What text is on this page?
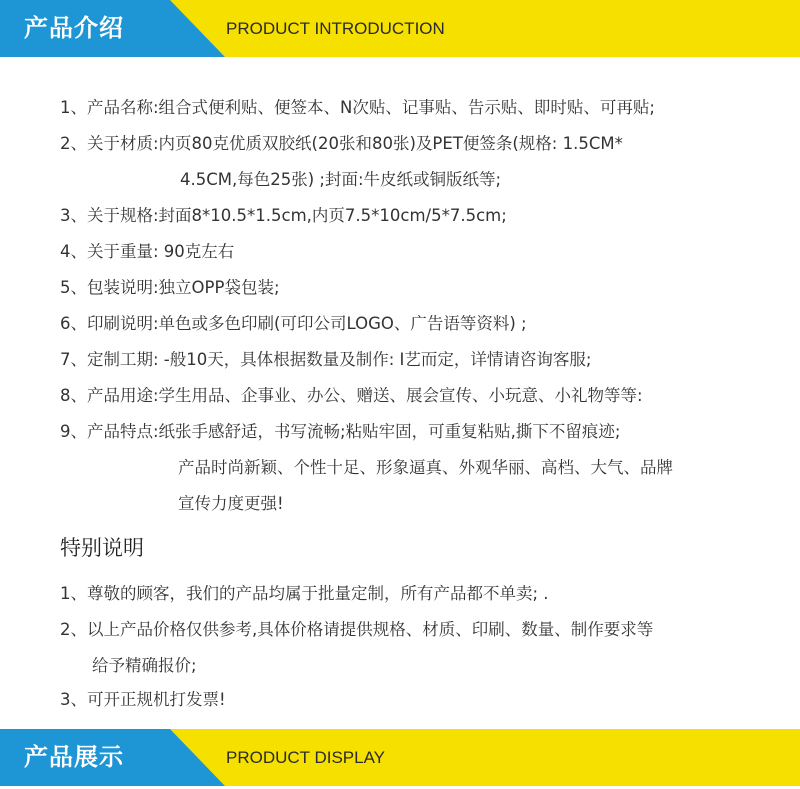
产品介绍	PRODUCT INTRODUCTION
1、产品名称:组合式便利贴、便签本、N次贴、记事贴、告示贴、即时贴、可再贴;
2、关于材质:内页80克优质双胶纸(20张和80张)及PET便签条(规格: 1.5CM*
4.5CM,每色25张) ;封面:牛皮纸或铜版纸等;
3、关于规格:封面8*10.5*1.5cm,内页7.5*10cm/5*7.5cm;
4、关于重量: 90克左右
5、包装说明:独立OPP袋包装;
6、印刷说明:单色或多色印刷(可印公司LOGO、广告语等资料) ;
7、定制工期: -般10天，具体根据数量及制作: I艺而定，详情请咨询客服;
8、产品用途:学生用品、企事业、办公、赠送、展会宣传、小玩意、小礼物等等:
9、产品特点:纸张手感舒适，书写流畅;粘贴牢固，可重复粘贴,撕下不留痕迹;
产品时尚新颖、个性十足、形象逼真、外观华丽、高档、大气、品牌
宣传力度更强!
特别说明
1、尊敬的顾客，我们的产品均属于批量定制，所有产品都不单卖; .
2、以上产品价格仅供参考,具体价格请提供规格、材质、印刷、数量、制作要求等
给予精确报价;
3、可开正规机打发票!
产品展示	PRODUCT DISPLAY
